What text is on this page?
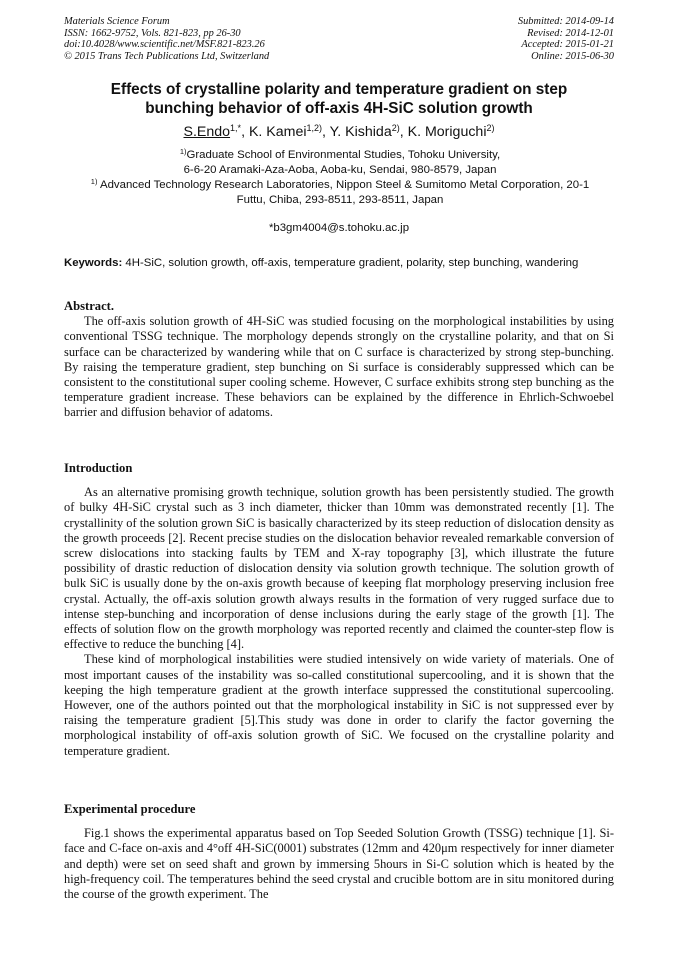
Materials Science Forum
ISSN: 1662-9752, Vols. 821-823, pp 26-30
doi:10.4028/www.scientific.net/MSF.821-823.26
© 2015 Trans Tech Publications Ltd, Switzerland
Submitted: 2014-09-14
Revised: 2014-12-01
Accepted: 2015-01-21
Online: 2015-06-30
Effects of crystalline polarity and temperature gradient on step
bunching behavior of off-axis 4H-SiC solution growth
S.Endo$^{1,*}$, K. Kamei$^{1,2)}$, Y. Kishida$^{2)}$, K. Moriguchi$^{2)}$
$^{1)}$Graduate School of Environmental Studies, Tohoku University,
6-6-20 Aramaki-Aza-Aoba, Aoba-ku, Sendai, 980-8579, Japan
$^{1)}$ Advanced Technology Research Laboratories, Nippon Steel & Sumitomo Metal Corporation, 20-1
Futtu, Chiba, 293-8511, 293-8511, Japan
*b3gm4004@s.tohoku.ac.jp
Keywords: 4H-SiC, solution growth, off-axis, temperature gradient, polarity, step bunching, wandering
Abstract.

The off-axis solution growth of 4H-SiC was studied focusing on the morphological instabilities by using conventional TSSG technique. The morphology depends strongly on the crystalline polarity, and that on Si surface can be characterized by wandering while that on C surface is characterized by strong step-bunching. By raising the temperature gradient, step bunching on Si surface is considerably suppressed which can be consistent to the constitutional super cooling scheme. However, C surface exhibits strong step bunching as the temperature gradient increase. These behaviors can be explained by the difference in Ehrlich-Schwoebel barrier and diffusion behavior of adatoms.

Introduction

As an alternative promising growth technique, solution growth has been persistently studied. The growth of bulky 4H-SiC crystal such as 3 inch diameter, thicker than 10mm was demonstrated recently [1]. The crystallinity of the solution grown SiC is basically characterized by its steep reduction of dislocation density as the growth proceeds [2]. Recent precise studies on the dislocation behavior revealed remarkable conversion of screw dislocations into stacking faults by TEM and X-ray topography [3], which illustrate the future possibility of drastic reduction of dislocation density via solution growth technique. The solution growth of bulk SiC is usually done by the on-axis growth because of keeping flat morphology preserving inclusion free crystal. Actually, the off-axis solution growth always results in the formation of very rugged surface due to intense step-bunching and incorporation of dense inclusions during the early stage of the growth [1]. The effects of solution flow on the growth morphology was reported recently and claimed the counter-step flow is effective to reduce the bunching [4].

These kind of morphological instabilities were studied intensively on wide variety of materials. One of most important causes of the instability was so-called constitutional supercooling, and it is shown that the keeping the high temperature gradient at the growth interface suppressed the constitutional supercooling. However, one of the authors pointed out that the morphological instability in SiC is not suppressed ever by raising the temperature gradient [5].This study was done in order to clarify the factor governing the morphological instability of off-axis solution growth of SiC. We focused on the crystalline polarity and temperature gradient.

Experimental procedure

Fig.1 shows the experimental apparatus based on Top Seeded Solution Growth (TSSG) technique [1]. Si-face and C-face on-axis and 4°off 4H-SiC(0001) substrates (12mm and 420μm respectively for inner diameter and depth) were set on seed shaft and grown by immersing 5hours in Si-C solution which is heated by the high-frequency coil. The temperatures behind the seed crystal and crucible bottom are in situ monitored during the course of the growth experiment. The
